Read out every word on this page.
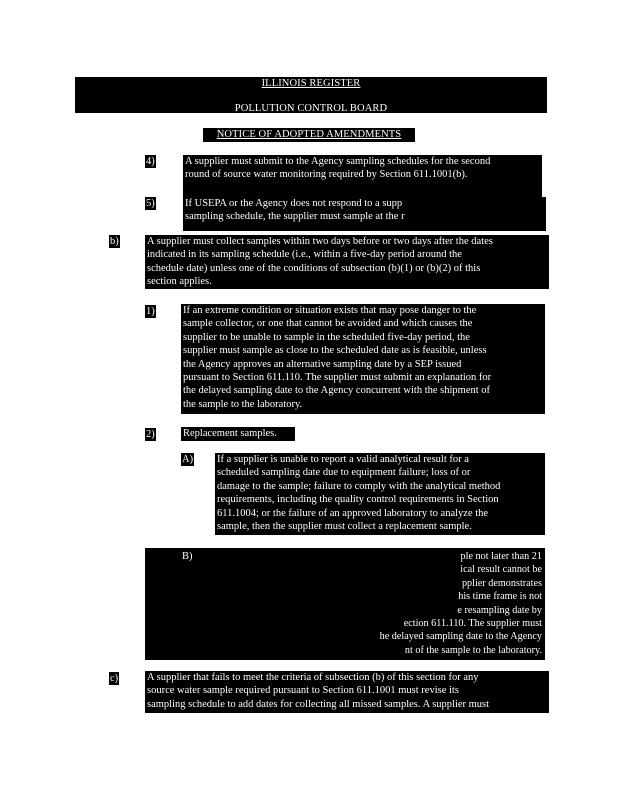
ILLINOIS REGISTER
POLLUTION CONTROL BOARD
NOTICE OF ADOPTED AMENDMENTS
4)	A supplier must submit to the Agency sampling schedules for the second
round of source water monitoring required by Section 611.1001(b).
5)	If USEPA or the Agency does not respond to a supp
sampling schedule, the supplier must sample at the r
b)	A supplier must collect samples within two days before or two days after the dates
indicated in its sampling schedule (i.e., within a five-day period around the
schedule date) unless one of the conditions of subsection (b)(1) or (b)(2) of this
section applies.
1)	If an extreme condition or situation exists that may pose danger to the
sample collector, or one that cannot be avoided and which causes the
supplier to be unable to sample in the scheduled five-day period, the
supplier must sample as close to the scheduled date as is feasible, unless
the Agency approves an alternative sampling date by a SEP issued
pursuant to Section 611.110. The supplier must submit an explanation for
the delayed sampling date to the Agency concurrent with the shipment of
the sample to the laboratory.
2)	Replacement samples.
A) If a supplier is unable to report a valid analytical result for a
scheduled sampling date due to equipment failure; loss of or
damage to the sample; failure to comply with the analytical method
requirements, including the quality control requirements in Section
611.1004; or the failure of an approved laboratory to analyze the
sample, then the supplier must collect a replacement sample.
B)	ple not later than 21
ical result cannot be
pplier demonstrates
his time frame is not
e resampling date by
ection 611.110. The supplier must
he delayed sampling date to the Agency
nt of the sample to the laboratory.
c)	A supplier that fails to meet the criteria of subsection (b) of this section for any
source water sample required pursuant to Section 611.1001 must revise its
sampling schedule to add dates for collecting all missed samples. A supplier must
